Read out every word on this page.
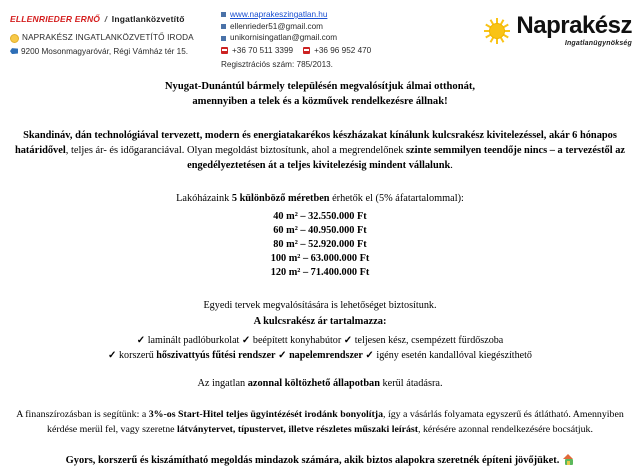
ELLENRIEDER ERNŐ / Ingatlanközvetítő
NAPRAKÉSZ INGATLANKÖZVETÍTŐ IRODA
9200 Mosonmagyaróvár, Régi Vámház tér 15.
www.naprakeszingatlan.hu
ellenrieder51@gmail.com
unikornisingatlan@gmail.com
+36 70 511 3399	+36 96 952 470
Regisztrációs szám: 785/2013.
Naprakész
Ingatlanügynökség
Nyugat-Dunántúl bármely településén megvalósítjuk álmai otthonát,
amennyiben a telek és a közművek rendelkezésre állnak!

Skandináv, dán technológiával tervezett, modern és energiatakarékos készházakat kínálunk kulcsrakész kivitelezéssel, akár 6 hónapos határidővel, teljes ár- és időgaranciával. Olyan megoldást biztosítunk, ahol a megrendelőnek szinte semmilyen teendője nincs – a tervezéstől az engedélyeztetésen át a teljes kivitelezésig mindent vállalunk.

Lakóházaink 5 különböző méretben érhetők el (5% áfatartalommal):

40 m² – 32.550.000 Ft
60 m² – 40.950.000 Ft
80 m² – 52.920.000 Ft
100 m² – 63.000.000 Ft
120 m² – 71.400.000 Ft

Egyedi tervek megvalósítására is lehetőséget biztosítunk.

A kulcsrakész ár tartalmazza:

✓ laminált padlóburkolat ✓ beépített konyhabútor ✓ teljesen kész, csempézett fürdőszoba
✓ korszerű hőszivattyús fűtési rendszer ✓ napelemrendszer ✓ igény esetén kandallóval kiegészíthető

Az ingatlan azonnal költözhető állapotban kerül átadásra.

A finanszírozásban is segítünk: a 3%-os Start-Hitel teljes ügyintézését irodánk bonyolítja, így a vásárlás folyamata egyszerű és átlátható. Amennyiben kérdése merül fel, vagy szeretne látványtervet, típustervet, illetve részletes műszaki leírást, kérésére azonnal rendelkezésére bocsátjuk.

Gyors, korszerű és kiszámítható megoldás mindazok számára, akik biztos alapokra szeretnék építeni jövőjüket.
